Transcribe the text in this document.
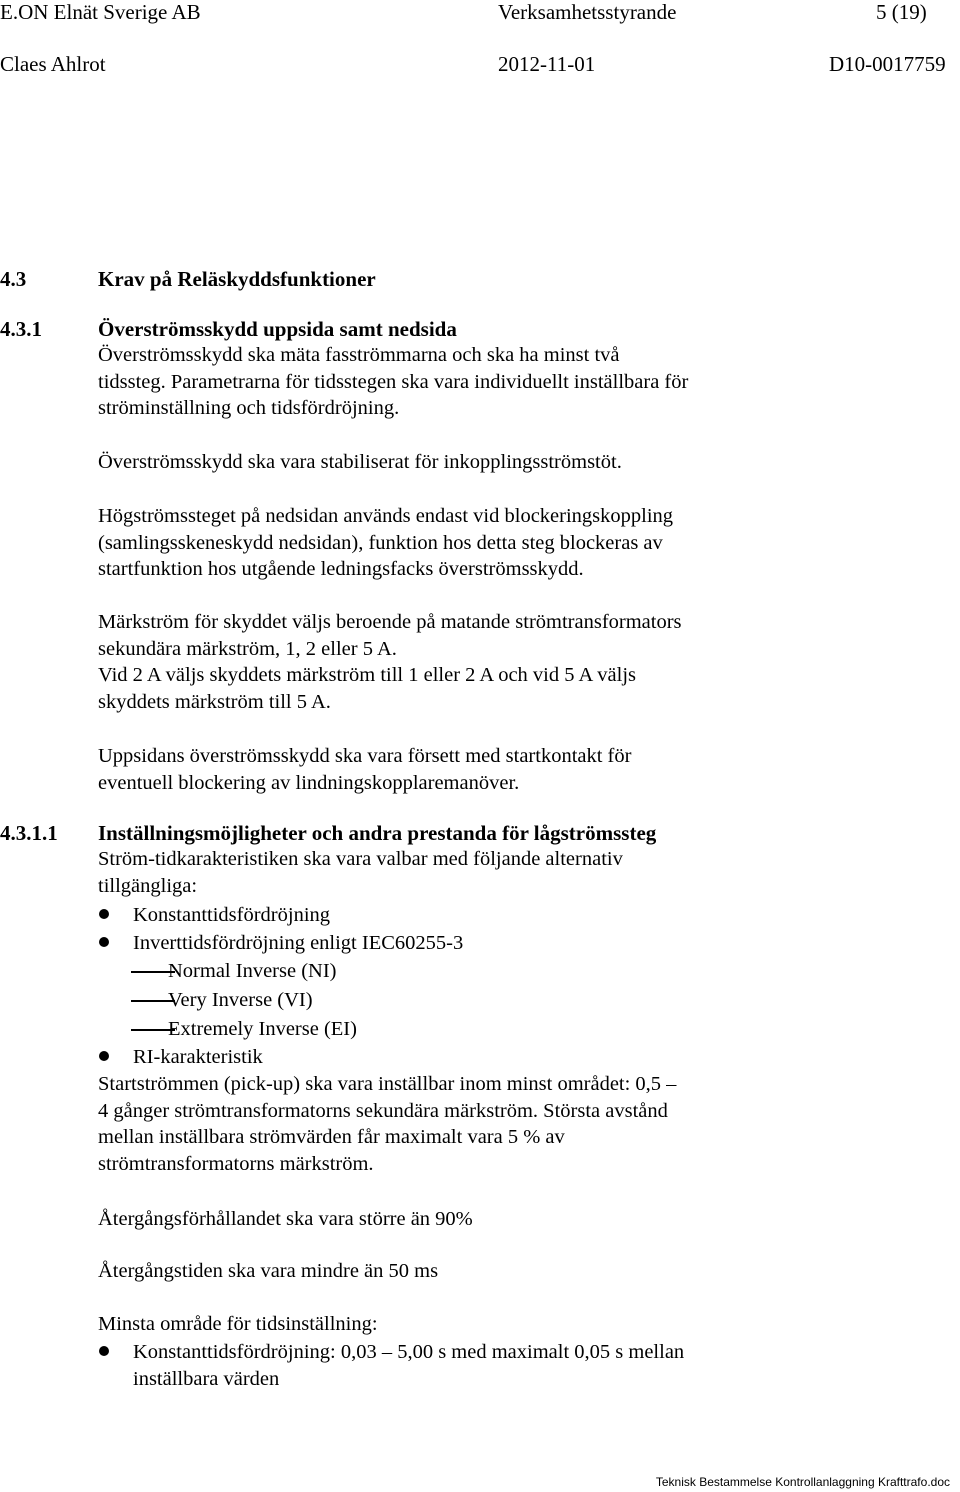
E.ON Elnät Sverige AB	Verksamhetsstyrande	5 (19)
Claes Ahlrot	2012-11-01	D10-0017759
4.3	Krav på Reläskyddsfunktioner
4.3.1	Överströmsskydd uppsida samt nedsida
Överströmsskydd ska mäta fasströmmarna och ska ha minst två
tidssteg. Parametrarna för tidsstegen ska vara individuellt inställbara för
ströminställning och tidsfördröjning.
Överströmsskydd ska vara stabiliserat för inkopplingsströmstöt.
Högströmssteget på nedsidan används endast vid blockeringskoppling
(samlingsskeneskydd nedsidan), funktion hos detta steg blockeras av
startfunktion hos utgående ledningsfacks överströmsskydd.
Märkström för skyddet väljs beroende på matande strömtransformators
sekundära märkström, 1, 2 eller 5 A.
Vid 2 A väljs skyddets märkström till 1 eller 2 A och vid 5 A väljs
skyddets märkström till 5 A.
Uppsidans överströmsskydd ska vara försett med startkontakt för
eventuell blockering av lindningskopplaremanöver.
4.3.1.1 Inställningsmöjligheter och andra prestanda för lågströmssteg
Ström-tidkarakteristiken ska vara valbar med följande alternativ
tillgängliga:
Konstanttidsfördröjning
Inverttidsfördröjning enligt IEC60255-3
Normal Inverse (NI)
Very Inverse (VI)
Extremely Inverse (EI)
RI-karakteristik
Startströmmen (pick-up) ska vara inställbar inom minst området: 0,5 –
4 gånger strömtransformatorns sekundära märkström. Största avstånd
mellan inställbara strömvärden får maximalt vara 5 % av
strömtransformatorns märkström.
Återgångsförhållandet ska vara större än 90%
Återgångstiden ska vara mindre än 50 ms
Minsta område för tidsinställning:
Konstanttidsfördröjning: 0,03 – 5,00 s med maximalt 0,05 s mellan
inställbara värden
Teknisk Bestammelse Kontrollanlaggning Krafttrafo.doc
